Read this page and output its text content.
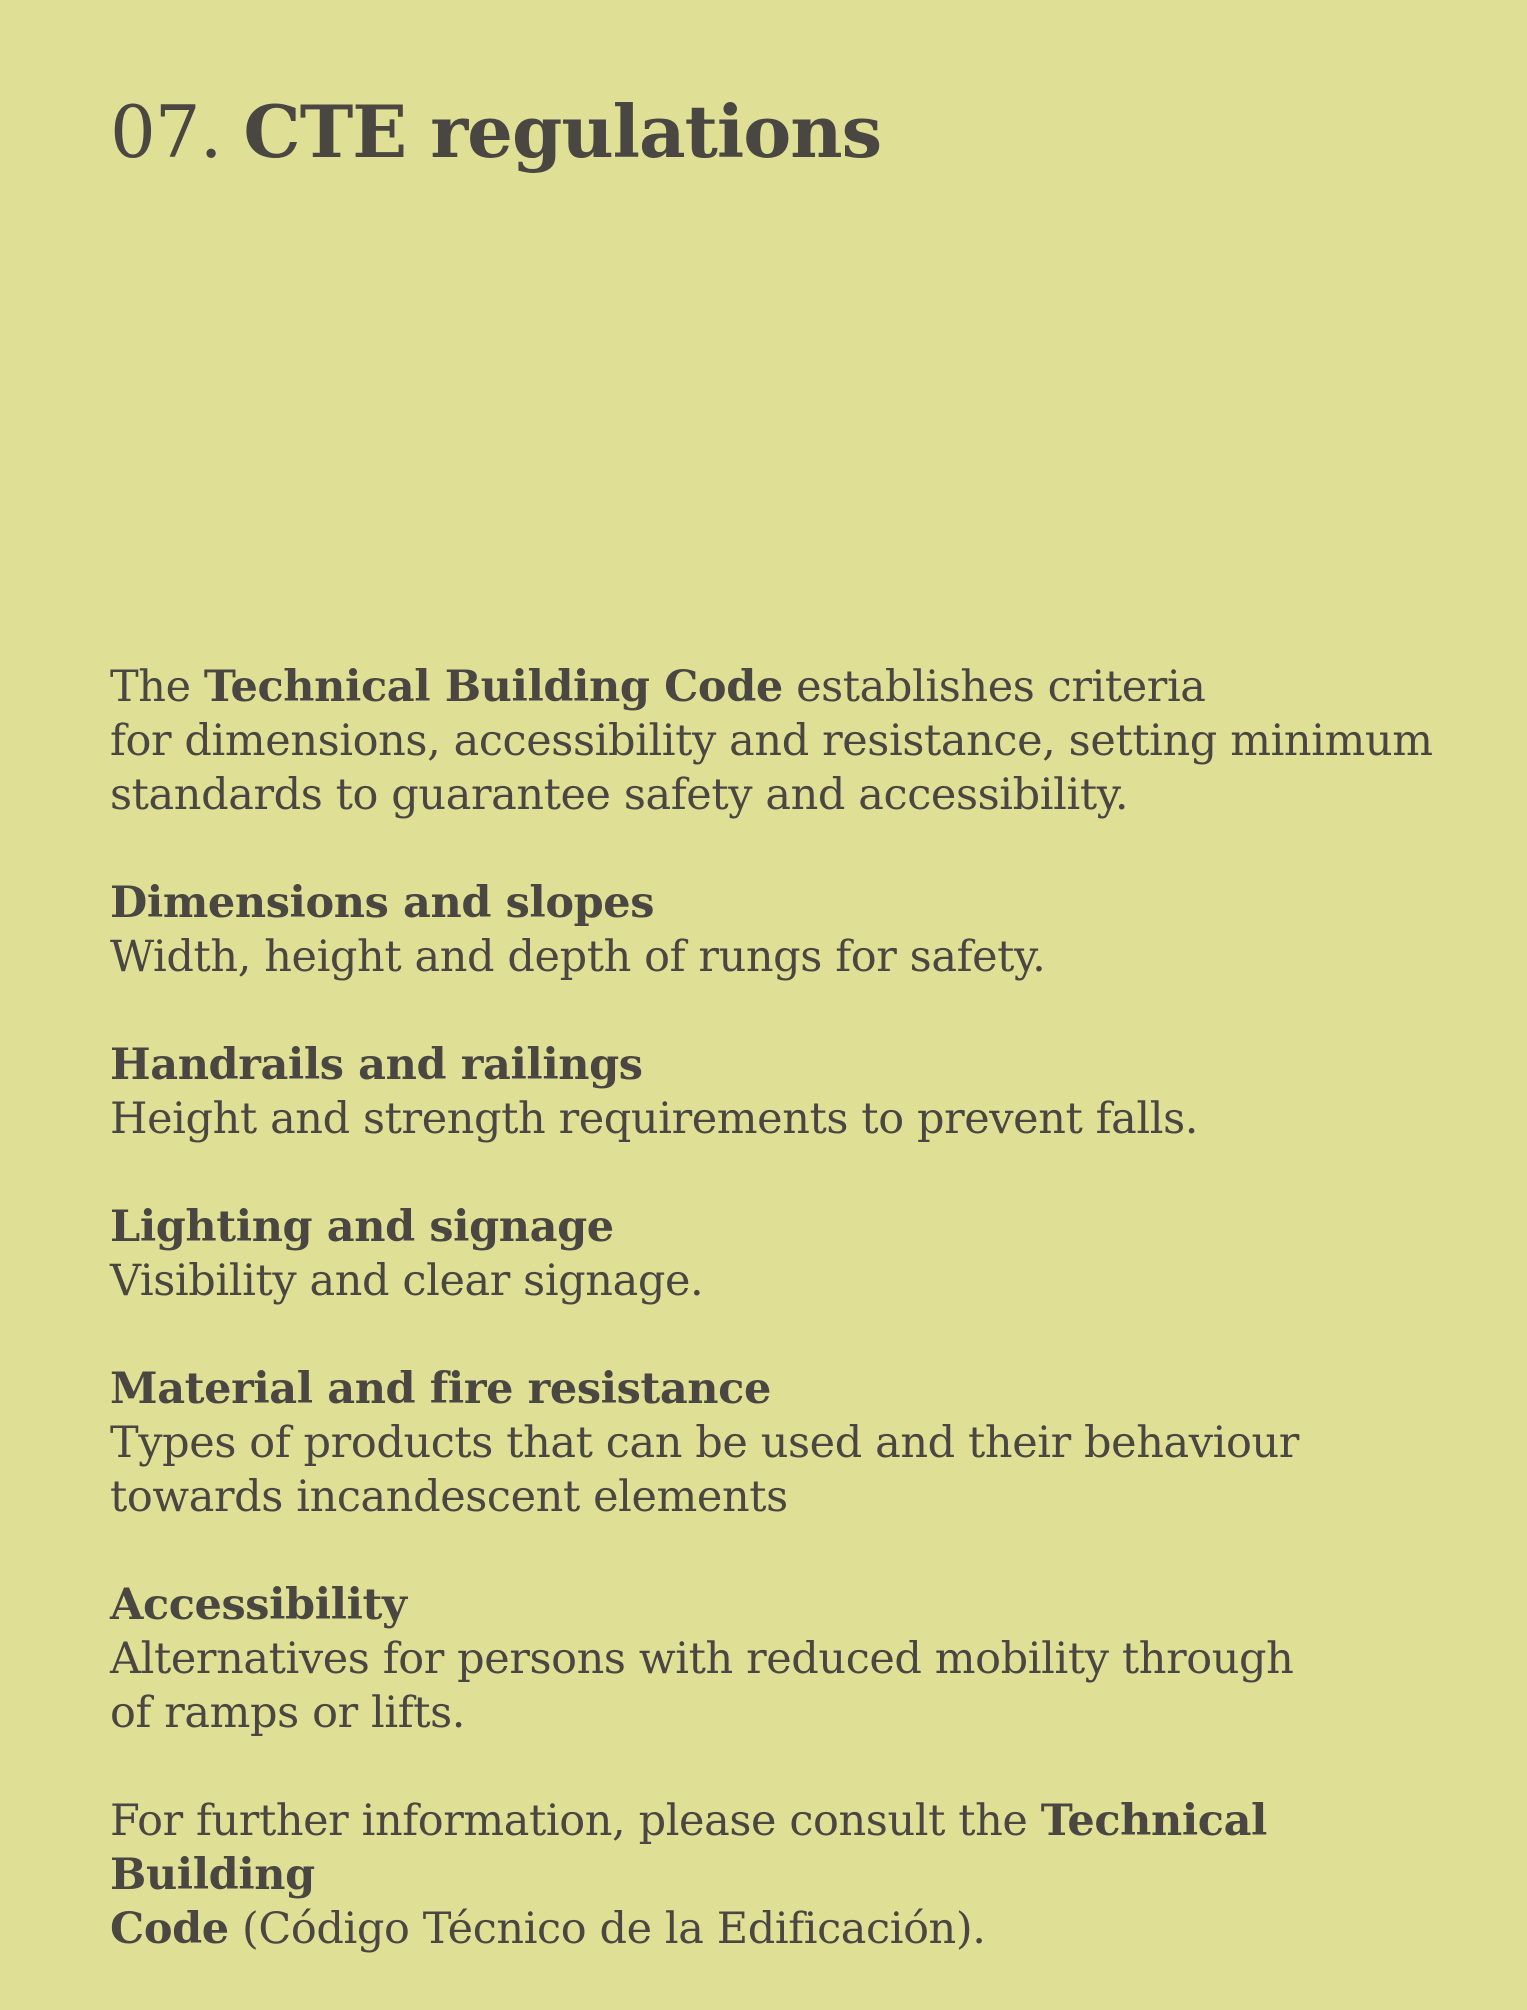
07. CTE regulations

The Technical Building Code establishes criteria
for dimensions, accessibility and resistance, setting minimum
standards to guarantee safety and accessibility.

Dimensions and slopes
Width, height and depth of rungs for safety.
Handrails and railings
Height and strength requirements to prevent falls.
Lighting and signage
Visibility and clear signage.
Material and fire resistance
Types of products that can be used and their behaviour
towards incandescent elements
Accessibility
Alternatives for persons with reduced mobility through
of ramps or lifts.

For further information, please consult the Technical Building
Code (Código Técnico de la Edificación).
